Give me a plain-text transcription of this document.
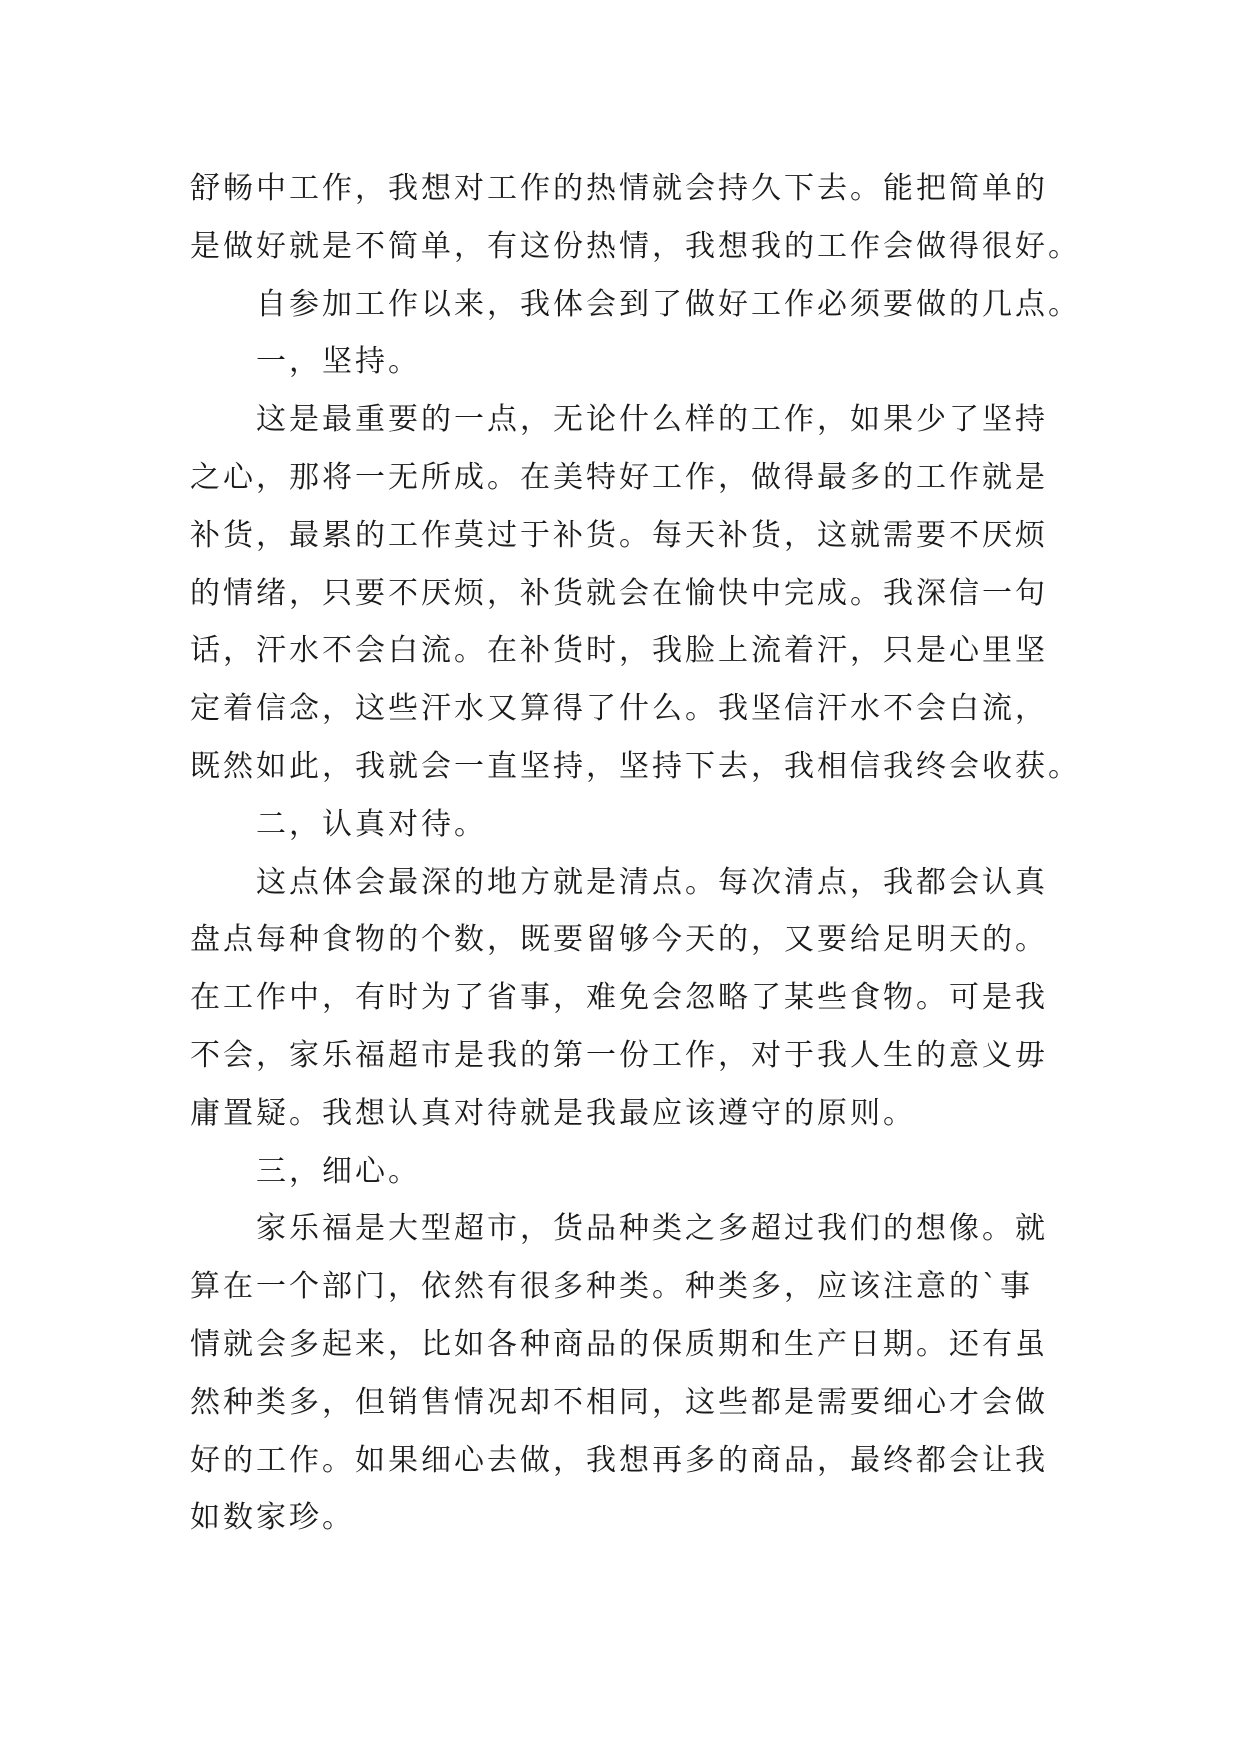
舒畅中工作，我想对工作的热情就会持久下去。能把简单的
是做好就是不简单，有这份热情，我想我的工作会做得很好。
自参加工作以来，我体会到了做好工作必须要做的几点。
一，坚持。
这是最重要的一点，无论什么样的工作，如果少了坚持
之心，那将一无所成。在美特好工作，做得最多的工作就是
补货，最累的工作莫过于补货。每天补货，这就需要不厌烦
的情绪，只要不厌烦，补货就会在愉快中完成。我深信一句
话，汗水不会白流。在补货时，我脸上流着汗，只是心里坚
定着信念，这些汗水又算得了什么。我坚信汗水不会白流，
既然如此，我就会一直坚持，坚持下去，我相信我终会收获。
二，认真对待。
这点体会最深的地方就是清点。每次清点，我都会认真
盘点每种食物的个数，既要留够今天的，又要给足明天的。
在工作中，有时为了省事，难免会忽略了某些食物。可是我
不会，家乐福超市是我的第一份工作，对于我人生的意义毋
庸置疑。我想认真对待就是我最应该遵守的原则。
三，细心。
家乐福是大型超市，货品种类之多超过我们的想像。就
算在一个部门，依然有很多种类。种类多，应该注意的`事
情就会多起来，比如各种商品的保质期和生产日期。还有虽
然种类多，但销售情况却不相同，这些都是需要细心才会做
好的工作。如果细心去做，我想再多的商品，最终都会让我
如数家珍。
